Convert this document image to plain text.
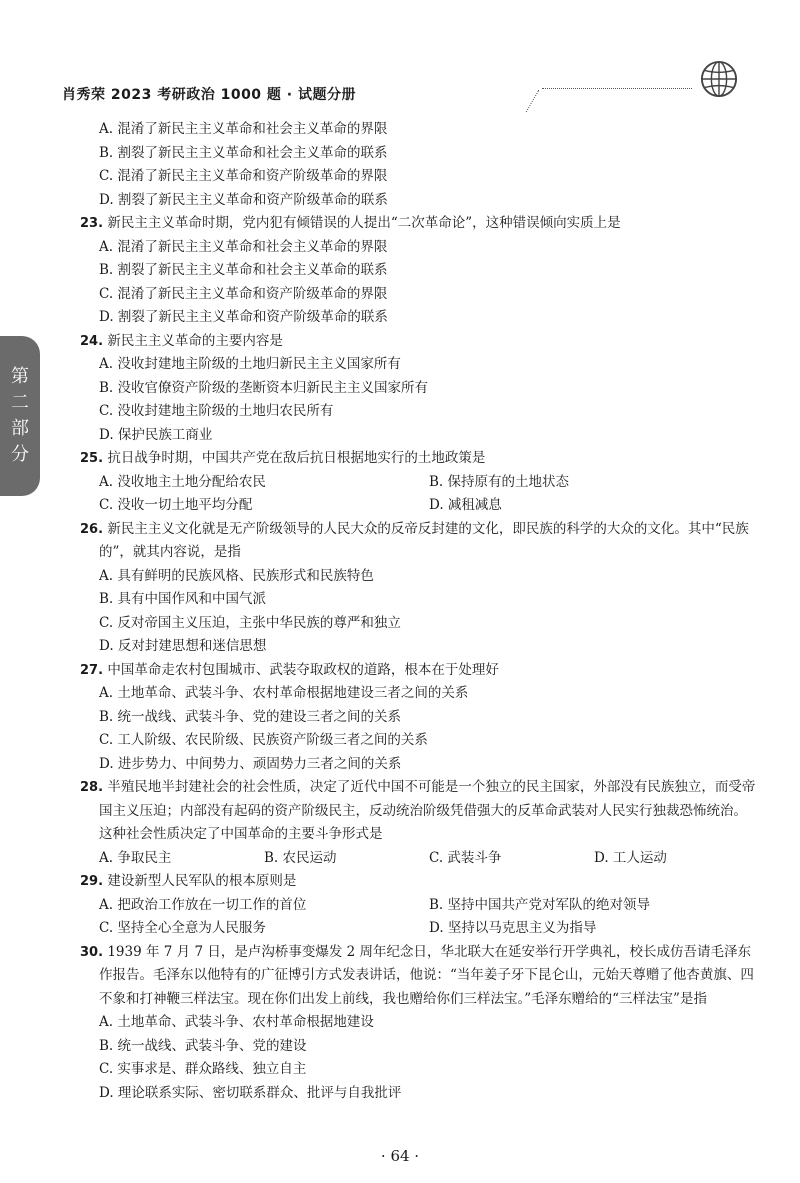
肖秀荣 2023 考研政治 1000 题 · 试题分册
第
二
部
分
A. 混淆了新民主主义革命和社会主义革命的界限
B. 割裂了新民主主义革命和社会主义革命的联系
C. 混淆了新民主主义革命和资产阶级革命的界限
D. 割裂了新民主主义革命和资产阶级革命的联系
23. 新民主主义革命时期，党内犯有倾错误的人提出“二次革命论”，这种错误倾向实质上是
A. 混淆了新民主主义革命和社会主义革命的界限
B. 割裂了新民主主义革命和社会主义革命的联系
C. 混淆了新民主主义革命和资产阶级革命的界限
D. 割裂了新民主主义革命和资产阶级革命的联系
24. 新民主主义革命的主要内容是
A. 没收封建地主阶级的土地归新民主主义国家所有
B. 没收官僚资产阶级的垄断资本归新民主主义国家所有
C. 没收封建地主阶级的土地归农民所有
D. 保护民族工商业
25. 抗日战争时期，中国共产党在敌后抗日根据地实行的土地政策是
A. 没收地主土地分配给农民	B. 保持原有的土地状态
C. 没收一切土地平均分配	D. 减租减息
26. 新民主主义文化就是无产阶级领导的人民大众的反帝反封建的文化，即民族的科学的大众的文化。其中“民族的”，就其内容说，是指
A. 具有鲜明的民族风格、民族形式和民族特色
B. 具有中国作风和中国气派
C. 反对帝国主义压迫，主张中华民族的尊严和独立
D. 反对封建思想和迷信思想
27. 中国革命走农村包围城市、武装夺取政权的道路，根本在于处理好
A. 土地革命、武装斗争、农村革命根据地建设三者之间的关系
B. 统一战线、武装斗争、党的建设三者之间的关系
C. 工人阶级、农民阶级、民族资产阶级三者之间的关系
D. 进步势力、中间势力、顽固势力三者之间的关系
28. 半殖民地半封建社会的社会性质，决定了近代中国不可能是一个独立的民主国家，外部没有民族独立，而受帝国主义压迫；内部没有起码的资产阶级民主，反动统治阶级凭借强大的反革命武装对人民实行独裁恐怖统治。这种社会性质决定了中国革命的主要斗争形式是
A. 争取民主	B. 农民运动	C. 武装斗争	D. 工人运动
29. 建设新型人民军队的根本原则是
A. 把政治工作放在一切工作的首位	B. 坚持中国共产党对军队的绝对领导
C. 坚持全心全意为人民服务	D. 坚持以马克思主义为指导
30. 1939 年 7 月 7 日，是卢沟桥事变爆发 2 周年纪念日，华北联大在延安举行开学典礼，校长成仿吾请毛泽东作报告。毛泽东以他特有的广征博引方式发表讲话，他说：“当年姜子牙下昆仑山，元始天尊赠了他杏黄旗、四不象和打神鞭三样法宝。现在你们出发上前线，我也赠给你们三样法宝。”毛泽东赠给的“三样法宝”是指
A. 土地革命、武装斗争、农村革命根据地建设
B. 统一战线、武装斗争、党的建设
C. 实事求是、群众路线、独立自主
D. 理论联系实际、密切联系群众、批评与自我批评
· 64 ·
